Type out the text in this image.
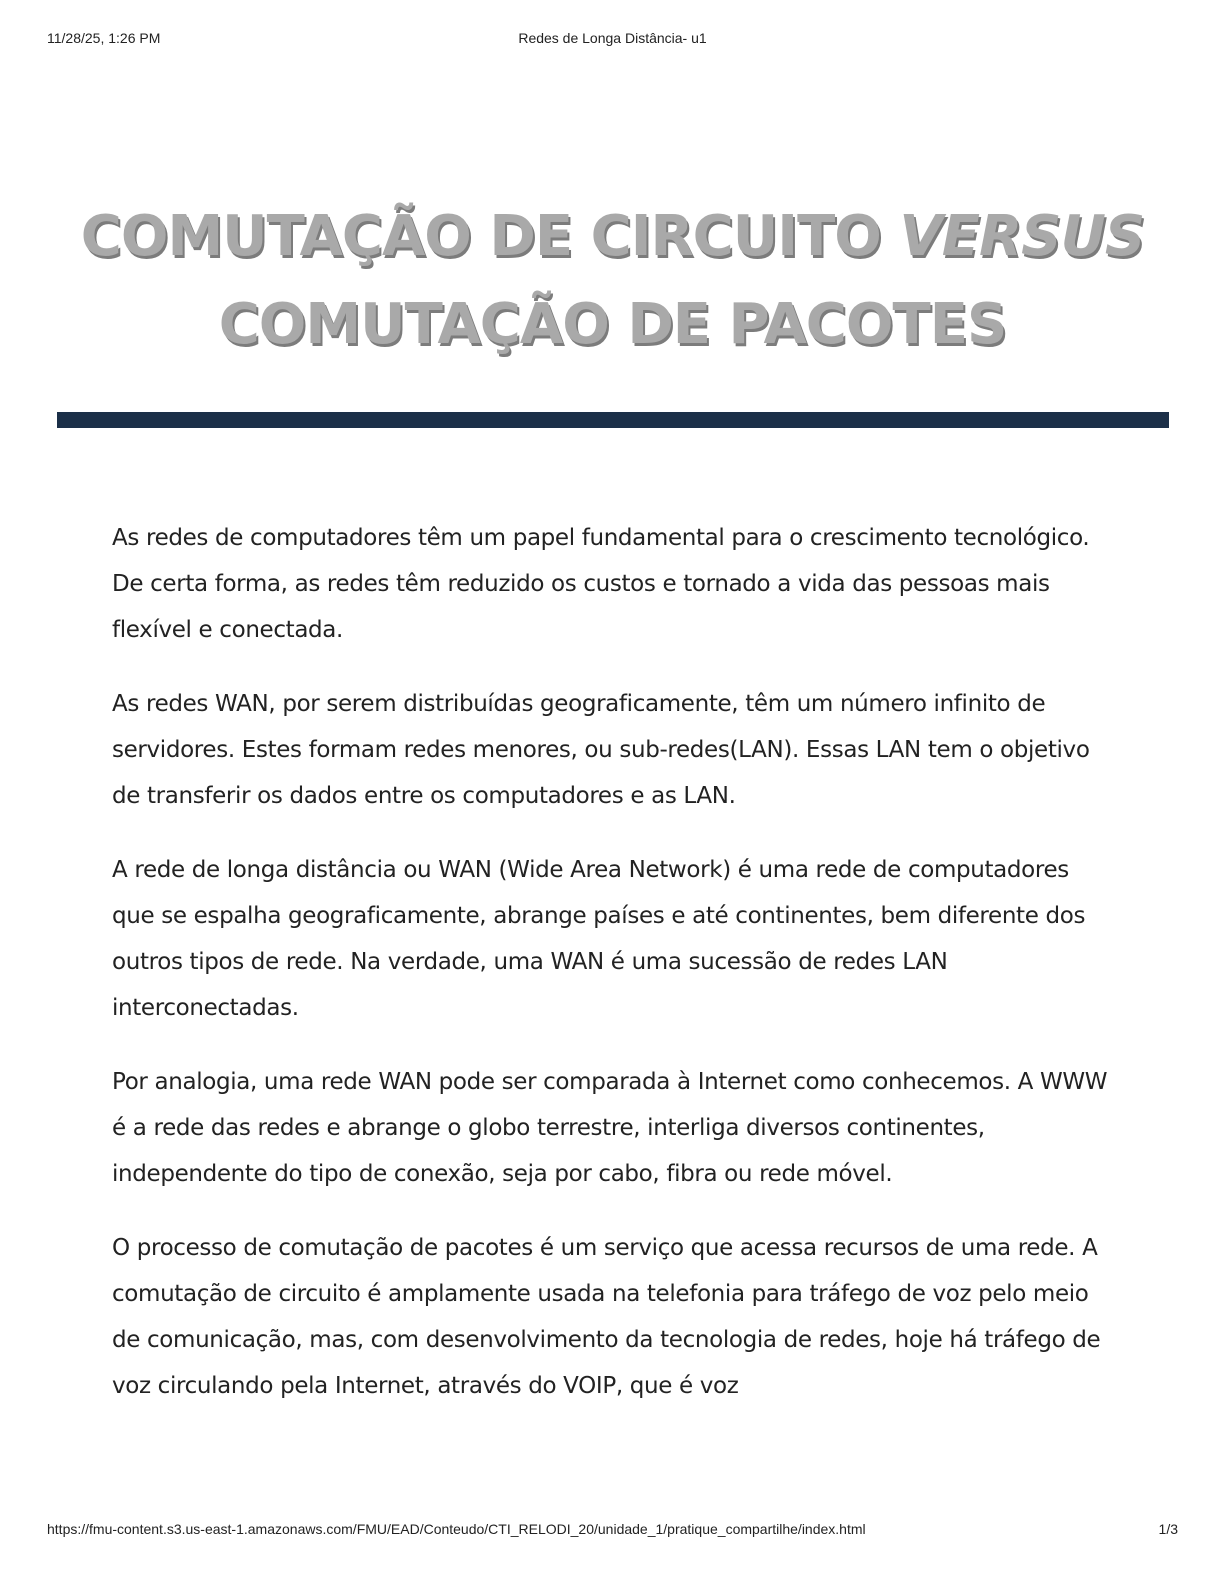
11/28/25, 1:26 PM	Redes de Longa Distância- u1
COMUTAÇÃO DE CIRCUITO VERSUS
COMUTAÇÃO DE PACOTES

As redes de computadores têm um papel fundamental para o crescimento tecnológico. De certa forma, as redes têm reduzido os custos e tornado a vida das pessoas mais flexível e conectada.

As redes WAN, por serem distribuídas geograficamente, têm um número infinito de servidores. Estes formam redes menores, ou sub-redes(LAN). Essas LAN tem o objetivo de transferir os dados entre os computadores e as LAN.

A rede de longa distância ou WAN (Wide Area Network) é uma rede de computadores que se espalha geograficamente, abrange países e até continentes, bem diferente dos outros tipos de rede. Na verdade, uma WAN é uma sucessão de redes LAN interconectadas.

Por analogia, uma rede WAN pode ser comparada à Internet como conhecemos. A WWW é a rede das redes e abrange o globo terrestre, interliga diversos continentes, independente do tipo de conexão, seja por cabo, fibra ou rede móvel.

O processo de comutação de pacotes é um serviço que acessa recursos de uma rede. A comutação de circuito é amplamente usada na telefonia para tráfego de voz pelo meio de comunicação, mas, com desenvolvimento da tecnologia de redes, hoje há tráfego de voz circulando pela Internet, através do VOIP, que é voz

https://fmu-content.s3.us-east-1.amazonaws.com/FMU/EAD/Conteudo/CTI_RELODI_20/unidade_1/pratique_compartilhe/index.html	1/3
